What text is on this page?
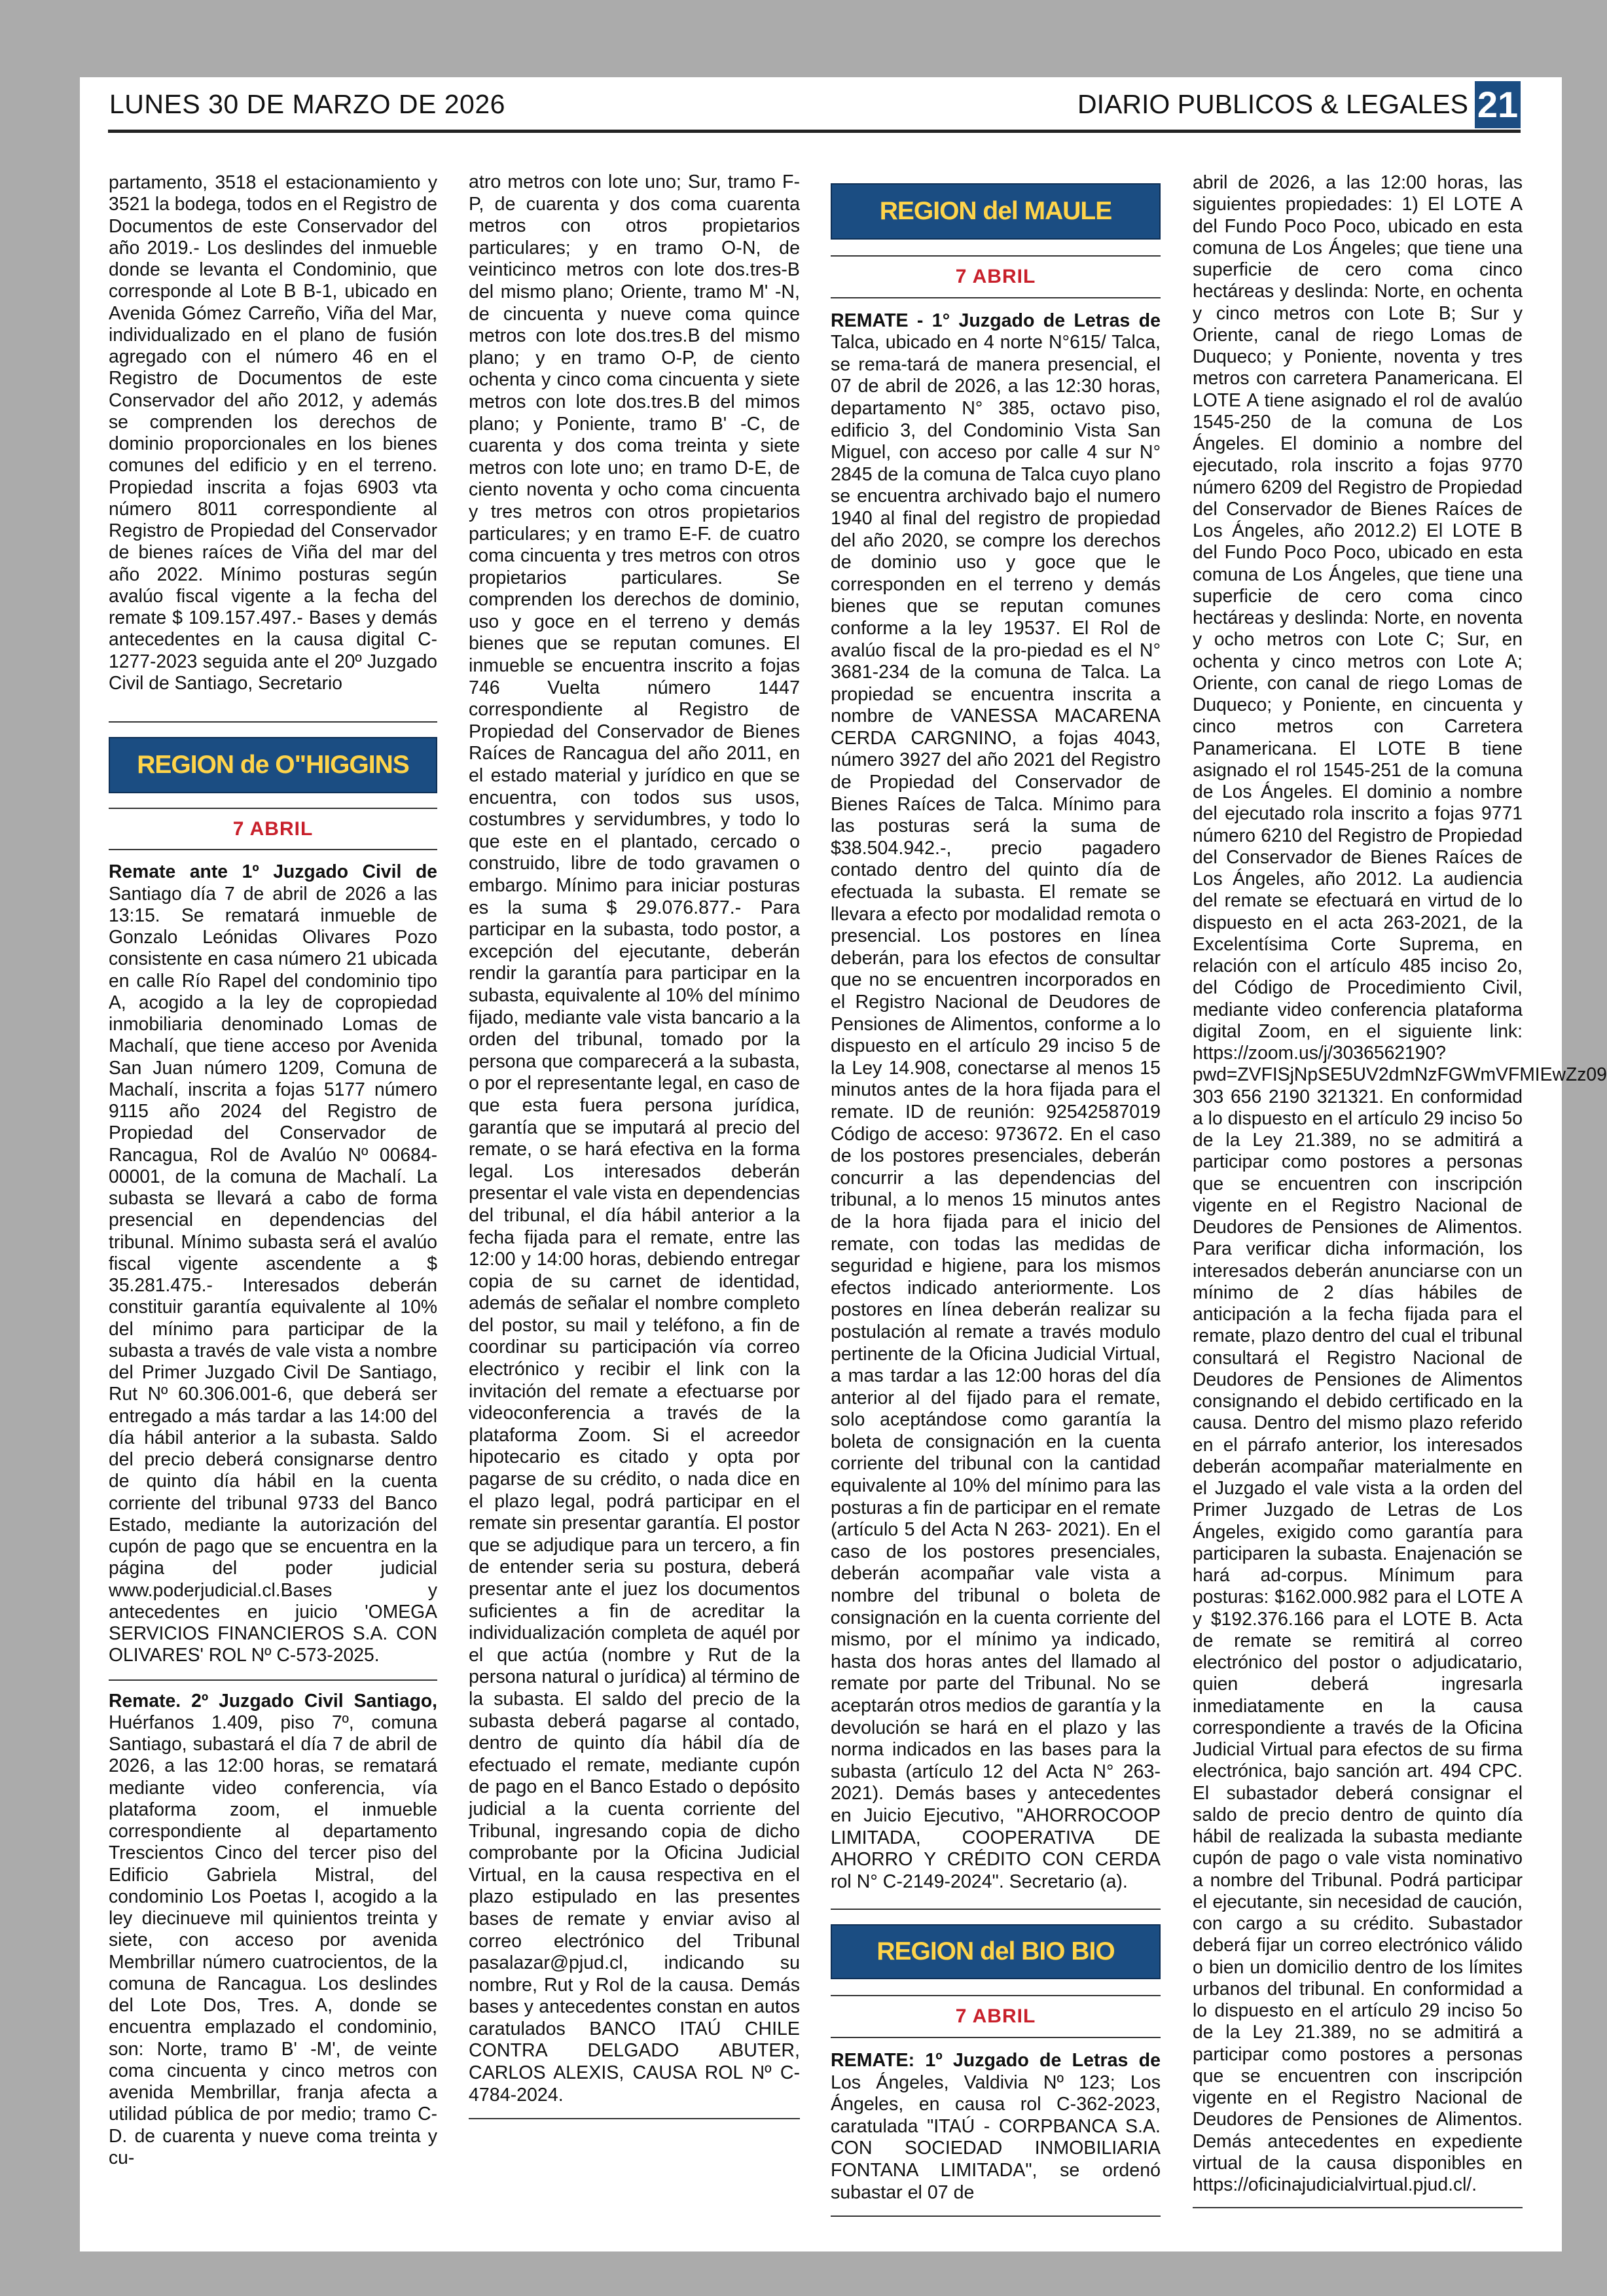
LUNES 30 DE MARZO DE 2026	DIARIO PUBLICOS & LEGALES 21

partamento, 3518 el estacionamiento y 3521 la bodega, todos en el Registro de Documentos de este Conservador del año 2019.- Los deslindes del inmueble donde se levanta el Condominio, que corresponde al Lote B B-1, ubicado en Avenida Gómez Carreño, Viña del Mar, individualizado en el plano de fusión agregado con el número 46 en el Registro de Documentos de este Conservador del año 2012, y además se comprenden los derechos de dominio proporcionales en los bienes comunes del edificio y en el terreno. Propiedad inscrita a fojas 6903 vta número 8011 correspondiente al Registro de Propiedad del Conservador de bienes raíces de Viña del mar del año 2022. Mínimo posturas según avalúo fiscal vigente a la fecha del remate $ 109.157.497.- Bases y demás antecedentes en la causa digital C-1277-2023 seguida ante el 20º Juzgado Civil de Santiago, Secretario

REGION de O"HIGGINS
7 ABRIL

Remate ante 1º Juzgado Civil de Santiago día 7 de abril de 2026 a las 13:15. Se rematará inmueble de Gonzalo Leónidas Olivares Pozo consistente en casa número 21 ubicada en calle Río Rapel del condominio tipo A, acogido a la ley de copropiedad inmobiliaria denominado Lomas de Machalí, que tiene acceso por Avenida San Juan número 1209, Comuna de Machalí, inscrita a fojas 5177 número 9115 año 2024 del Registro de Propiedad del Conservador de Rancagua, Rol de Avalúo Nº 00684-00001, de la comuna de Machalí. La subasta se llevará a cabo de forma presencial en dependencias del tribunal. Mínimo subasta será el avalúo fiscal vigente ascendente a $ 35.281.475.- Interesados deberán constituir garantía equivalente al 10% del mínimo para participar de la subasta a través de vale vista a nombre del Primer Juzgado Civil De Santiago, Rut Nº 60.306.001-6, que deberá ser entregado a más tardar a las 14:00 del día hábil anterior a la subasta. Saldo del precio deberá consignarse dentro de quinto día hábil en la cuenta corriente del tribunal 9733 del Banco Estado, mediante la autorización del cupón de pago que se encuentra en la página del poder judicial www.poderjudicial.cl.Bases y antecedentes en juicio 'OMEGA SERVICIOS FINANCIEROS S.A. CON OLIVARES' ROL Nº C-573-2025.

Remate. 2º Juzgado Civil Santiago, Huérfanos 1.409, piso 7º, comuna Santiago, subastará el día 7 de abril de 2026, a las 12:00 horas, se rematará mediante video conferencia, vía plataforma zoom, el inmueble correspondiente al departamento Trescientos Cinco del tercer piso del Edificio Gabriela Mistral, del condominio Los Poetas I, acogido a la ley diecinueve mil quinientos treinta y siete, con acceso por avenida Membrillar número cuatrocientos, de la comuna de Rancagua. Los deslindes del Lote Dos, Tres. A, donde se encuentra emplazado el condominio, son: Norte, tramo B' -M', de veinte coma cincuenta y cinco metros con avenida Membrillar, franja afecta a utilidad pública de por medio; tramo C-D. de cuarenta y nueve coma treinta y cu-

atro metros con lote uno; Sur, tramo F-P, de cuarenta y dos coma cuarenta metros con otros propietarios particulares; y en tramo O-N, de veinticinco metros con lote dos.tres-B del mismo plano; Oriente, tramo M' -N, de cincuenta y nueve coma quince metros con lote dos.tres.B del mismo plano; y en tramo O-P, de ciento ochenta y cinco coma cincuenta y siete metros con lote dos.tres.B del mimos plano; y Poniente, tramo B' -C, de cuarenta y dos coma treinta y siete metros con lote uno; en tramo D-E, de ciento noventa y ocho coma cincuenta y tres metros con otros propietarios particulares; y en tramo E-F. de cuatro coma cincuenta y tres metros con otros propietarios particulares. Se comprenden los derechos de dominio, uso y goce en el terreno y demás bienes que se reputan comunes. El inmueble se encuentra inscrito a fojas 746 Vuelta número 1447 correspondiente al Registro de Propiedad del Conservador de Bienes Raíces de Rancagua del año 2011, en el estado material y jurídico en que se encuentra, con todos sus usos, costumbres y servidumbres, y todo lo que este en el plantado, cercado o construido, libre de todo gravamen o embargo. Mínimo para iniciar posturas es la suma $ 29.076.877.- Para participar en la subasta, todo postor, a excepción del ejecutante, deberán rendir la garantía para participar en la subasta, equivalente al 10% del mínimo fijado, mediante vale vista bancario a la orden del tribunal, tomado por la persona que comparecerá a la subasta, o por el representante legal, en caso de que esta fuera persona jurídica, garantía que se imputará al precio del remate, o se hará efectiva en la forma legal. Los interesados deberán presentar el vale vista en dependencias del tribunal, el día hábil anterior a la fecha fijada para el remate, entre las 12:00 y 14:00 horas, debiendo entregar copia de su carnet de identidad, además de señalar el nombre completo del postor, su mail y teléfono, a fin de coordinar su participación vía correo electrónico y recibir el link con la invitación del remate a efectuarse por videoconferencia a través de la plataforma Zoom. Si el acreedor hipotecario es citado y opta por pagarse de su crédito, o nada dice en el plazo legal, podrá participar en el remate sin presentar garantía. El postor que se adjudique para un tercero, a fin de entender seria su postura, deberá presentar ante el juez los documentos suficientes a fin de acreditar la individualización completa de aquél por el que actúa (nombre y Rut de la persona natural o jurídica) al término de la subasta. El saldo del precio de la subasta deberá pagarse al contado, dentro de quinto día hábil día de efectuado el remate, mediante cupón de pago en el Banco Estado o depósito judicial a la cuenta corriente del Tribunal, ingresando copia de dicho comprobante por la Oficina Judicial Virtual, en la causa respectiva en el plazo estipulado en las presentes bases de remate y enviar aviso al correo electrónico del Tribunal pasalazar@pjud.cl, indicando su nombre, Rut y Rol de la causa. Demás bases y antecedentes constan en autos caratulados BANCO ITAÚ CHILE CONTRA DELGADO ABUTER, CARLOS ALEXIS, CAUSA ROL Nº C-4784-2024.

REGION del MAULE
7 ABRIL

REMATE - 1° Juzgado de Letras de Talca, ubicado en 4 norte N°615/ Talca, se rema-tará de manera presencial, el 07 de abril de 2026, a las 12:30 horas, departamento N° 385, octavo piso, edificio 3, del Condominio Vista San Miguel, con acceso por calle 4 sur N° 2845 de la comuna de Talca cuyo plano se encuentra archivado bajo el numero 1940 al final del registro de propiedad del año 2020, se compre los derechos de dominio uso y goce que le corresponden en el terreno y demás bienes que se reputan comunes conforme a la ley 19537. El Rol de avalúo fiscal de la pro-piedad es el N° 3681-234 de la comuna de Talca. La propiedad se encuentra inscrita a nombre de VANESSA MACARENA CERDA CARGNINO, a fojas 4043, número 3927 del año 2021 del Registro de Propiedad del Conservador de Bienes Raíces de Talca. Mínimo para las posturas será la suma de $38.504.942.-, precio pagadero contado dentro del quinto día de efectuada la subasta. El remate se llevara a efecto por modalidad remota o presencial. Los postores en línea deberán, para los efectos de consultar que no se encuentren incorporados en el Registro Nacional de Deudores de Pensiones de Alimentos, conforme a lo dispuesto en el artículo 29 inciso 5 de la Ley 14.908, conectarse al menos 15 minutos antes de la hora fijada para el remate. ID de reunión: 92542587019 Código de acceso: 973672. En el caso de los postores presenciales, deberán concurrir a las dependencias del tribunal, a lo menos 15 minutos antes de la hora fijada para el inicio del remate, con todas las medidas de seguridad e higiene, para los mismos efectos indicado anteriormente. Los postores en línea deberán realizar su postulación al remate a través modulo pertinente de la Oficina Judicial Virtual, a mas tardar a las 12:00 horas del día anterior al del fijado para el remate, solo aceptándose como garantía la boleta de consignación en la cuenta corriente del tribunal con la cantidad equivalente al 10% del mínimo para las posturas a fin de participar en el remate (artículo 5 del Acta N 263- 2021). En el caso de los postores presenciales, deberán acompañar vale vista a nombre del tribunal o boleta de consignación en la cuenta corriente del mismo, por el mínimo ya indicado, hasta dos horas antes del llamado al remate por parte del Tribunal. No se aceptarán otros medios de garantía y la devolución se hará en el plazo y las norma indicados en las bases para la subasta (artículo 12 del Acta N° 263-2021). Demás bases y antecedentes en Juicio Ejecutivo, "AHORROCOOP LIMITADA, COOPERATIVA DE AHORRO Y CRÉDITO CON CERDA rol N° C-2149-2024". Secretario (a).

REGION del BIO BIO
7 ABRIL

REMATE: 1º Juzgado de Letras de Los Ángeles, Valdivia Nº 123; Los Ángeles, en causa rol C-362-2023, caratulada "ITAÚ - CORPBANCA S.A. CON SOCIEDAD INMOBILIARIA FONTANA LIMITADA", se ordenó subastar el 07 de

abril de 2026, a las 12:00 horas, las siguientes propiedades: 1) El LOTE A del Fundo Poco Poco, ubicado en esta comuna de Los Ángeles; que tiene una superficie de cero coma cinco hectáreas y deslinda: Norte, en ochenta y cinco metros con Lote B; Sur y Oriente, canal de riego Lomas de Duqueco; y Poniente, noventa y tres metros con carretera Panamericana. El LOTE A tiene asignado el rol de avalúo 1545-250 de la comuna de Los Ángeles. El dominio a nombre del ejecutado, rola inscrito a fojas 9770 número 6209 del Registro de Propiedad del Conservador de Bienes Raíces de Los Ángeles, año 2012.2) El LOTE B del Fundo Poco Poco, ubicado en esta comuna de Los Ángeles, que tiene una superficie de cero coma cinco hectáreas y deslinda: Norte, en noventa y ocho metros con Lote C; Sur, en ochenta y cinco metros con Lote A; Oriente, con canal de riego Lomas de Duqueco; y Poniente, en cincuenta y cinco metros con Carretera Panamericana. El LOTE B tiene asignado el rol 1545-251 de la comuna de Los Ángeles. El dominio a nombre del ejecutado rola inscrito a fojas 9771 número 6210 del Registro de Propiedad del Conservador de Bienes Raíces de Los Ángeles, año 2012. La audiencia del remate se efectuará en virtud de lo dispuesto en el acta 263-2021, de la Excelentísima Corte Suprema, en relación con el artículo 485 inciso 2o, del Código de Procedimiento Civil, mediante video conferencia plataforma digital Zoom, en el siguiente link: https://zoom.us/j/3036562190?pwd=ZVFISjNpSE5UV2dmNzFGWmVFMIEwZz09 303 656 2190 321321. En conformidad a lo dispuesto en el artículo 29 inciso 5o de la Ley 21.389, no se admitirá a participar como postores a personas que se encuentren con inscripción vigente en el Registro Nacional de Deudores de Pensiones de Alimentos. Para verificar dicha información, los interesados deberán anunciarse con un mínimo de 2 días hábiles de anticipación a la fecha fijada para el remate, plazo dentro del cual el tribunal consultará el Registro Nacional de Deudores de Pensiones de Alimentos consignando el debido certificado en la causa. Dentro del mismo plazo referido en el párrafo anterior, los interesados deberán acompañar materialmente en el Juzgado el vale vista a la orden del Primer Juzgado de Letras de Los Ángeles, exigido como garantía para participaren la subasta. Enajenación se hará ad-corpus. Mínimum para posturas: $162.000.982 para el LOTE A y $192.376.166 para el LOTE B. Acta de remate se remitirá al correo electrónico del postor o adjudicatario, quien deberá ingresarla inmediatamente en la causa correspondiente a través de la Oficina Judicial Virtual para efectos de su firma electrónica, bajo sanción art. 494 CPC. El subastador deberá consignar el saldo de precio dentro de quinto día hábil de realizada la subasta mediante cupón de pago o vale vista nominativo a nombre del Tribunal. Podrá participar el ejecutante, sin necesidad de caución, con cargo a su crédito. Subastador deberá fijar un correo electrónico válido o bien un domicilio dentro de los límites urbanos del tribunal. En conformidad a lo dispuesto en el artículo 29 inciso 5o de la Ley 21.389, no se admitirá a participar como postores a personas que se encuentren con inscripción vigente en el Registro Nacional de Deudores de Pensiones de Alimentos. Demás antecedentes en expediente virtual de la causa disponibles en https://oficinajudicialvirtual.pjud.cl/.
